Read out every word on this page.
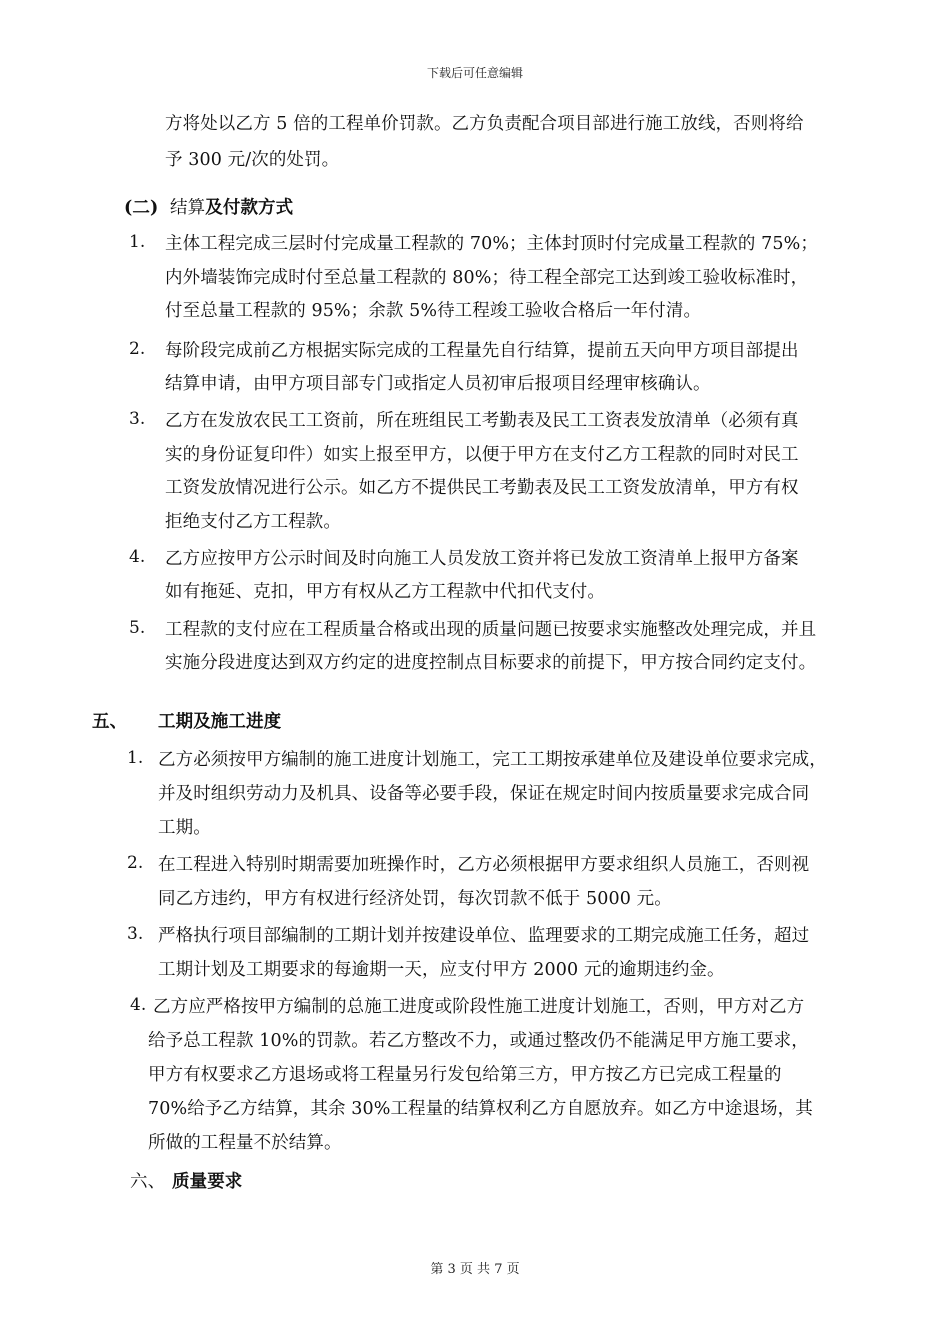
下载后可任意编辑
方将处以乙方 5 倍的工程单价罚款。乙方负责配合项目部进行施工放线，否则将给
予 300 元/次的处罚。
(二) 结算及付款方式
1. 主体工程完成三层时付完成量工程款的 70%；主体封顶时付完成量工程款的 75%；
内外墙装饰完成时付至总量工程款的 80%；待工程全部完工达到竣工验收标准时，
付至总量工程款的 95%；余款 5%待工程竣工验收合格后一年付清。
2. 每阶段完成前乙方根据实际完成的工程量先自行结算，提前五天向甲方项目部提出
结算申请，由甲方项目部专门或指定人员初审后报项目经理审核确认。
3. 乙方在发放农民工工资前，所在班组民工考勤表及民工工资表发放清单（必须有真
实的身份证复印件）如实上报至甲方，以便于甲方在支付乙方工程款的同时对民工
工资发放情况进行公示。如乙方不提供民工考勤表及民工工资发放清单，甲方有权
拒绝支付乙方工程款。
4. 乙方应按甲方公示时间及时向施工人员发放工资并将已发放工资清单上报甲方备案
如有拖延、克扣，甲方有权从乙方工程款中代扣代支付。
5. 工程款的支付应在工程质量合格或出现的质量问题已按要求实施整改处理完成，并且
实施分段进度达到双方约定的进度控制点目标要求的前提下，甲方按合同约定支付。
五、 工期及施工进度
1. 乙方必须按甲方编制的施工进度计划施工，完工工期按承建单位及建设单位要求完成，
并及时组织劳动力及机具、设备等必要手段，保证在规定时间内按质量要求完成合同
工期。
2. 在工程进入特别时期需要加班操作时，乙方必须根据甲方要求组织人员施工，否则视
同乙方违约，甲方有权进行经济处罚，每次罚款不低于 5000 元。
3. 严格执行项目部编制的工期计划并按建设单位、监理要求的工期完成施工任务，超过
工期计划及工期要求的每逾期一天，应支付甲方 2000 元的逾期违约金。
4. 乙方应严格按甲方编制的总施工进度或阶段性施工进度计划施工，否则，甲方对乙方
给予总工程款 10%的罚款。若乙方整改不力，或通过整改仍不能满足甲方施工要求，
甲方有权要求乙方退场或将工程量另行发包给第三方，甲方按乙方已完成工程量的
70%给予乙方结算，其余 30%工程量的结算权利乙方自愿放弃。如乙方中途退场，其
所做的工程量不於结算。
六、 质量要求
第 3 页 共 7 页
